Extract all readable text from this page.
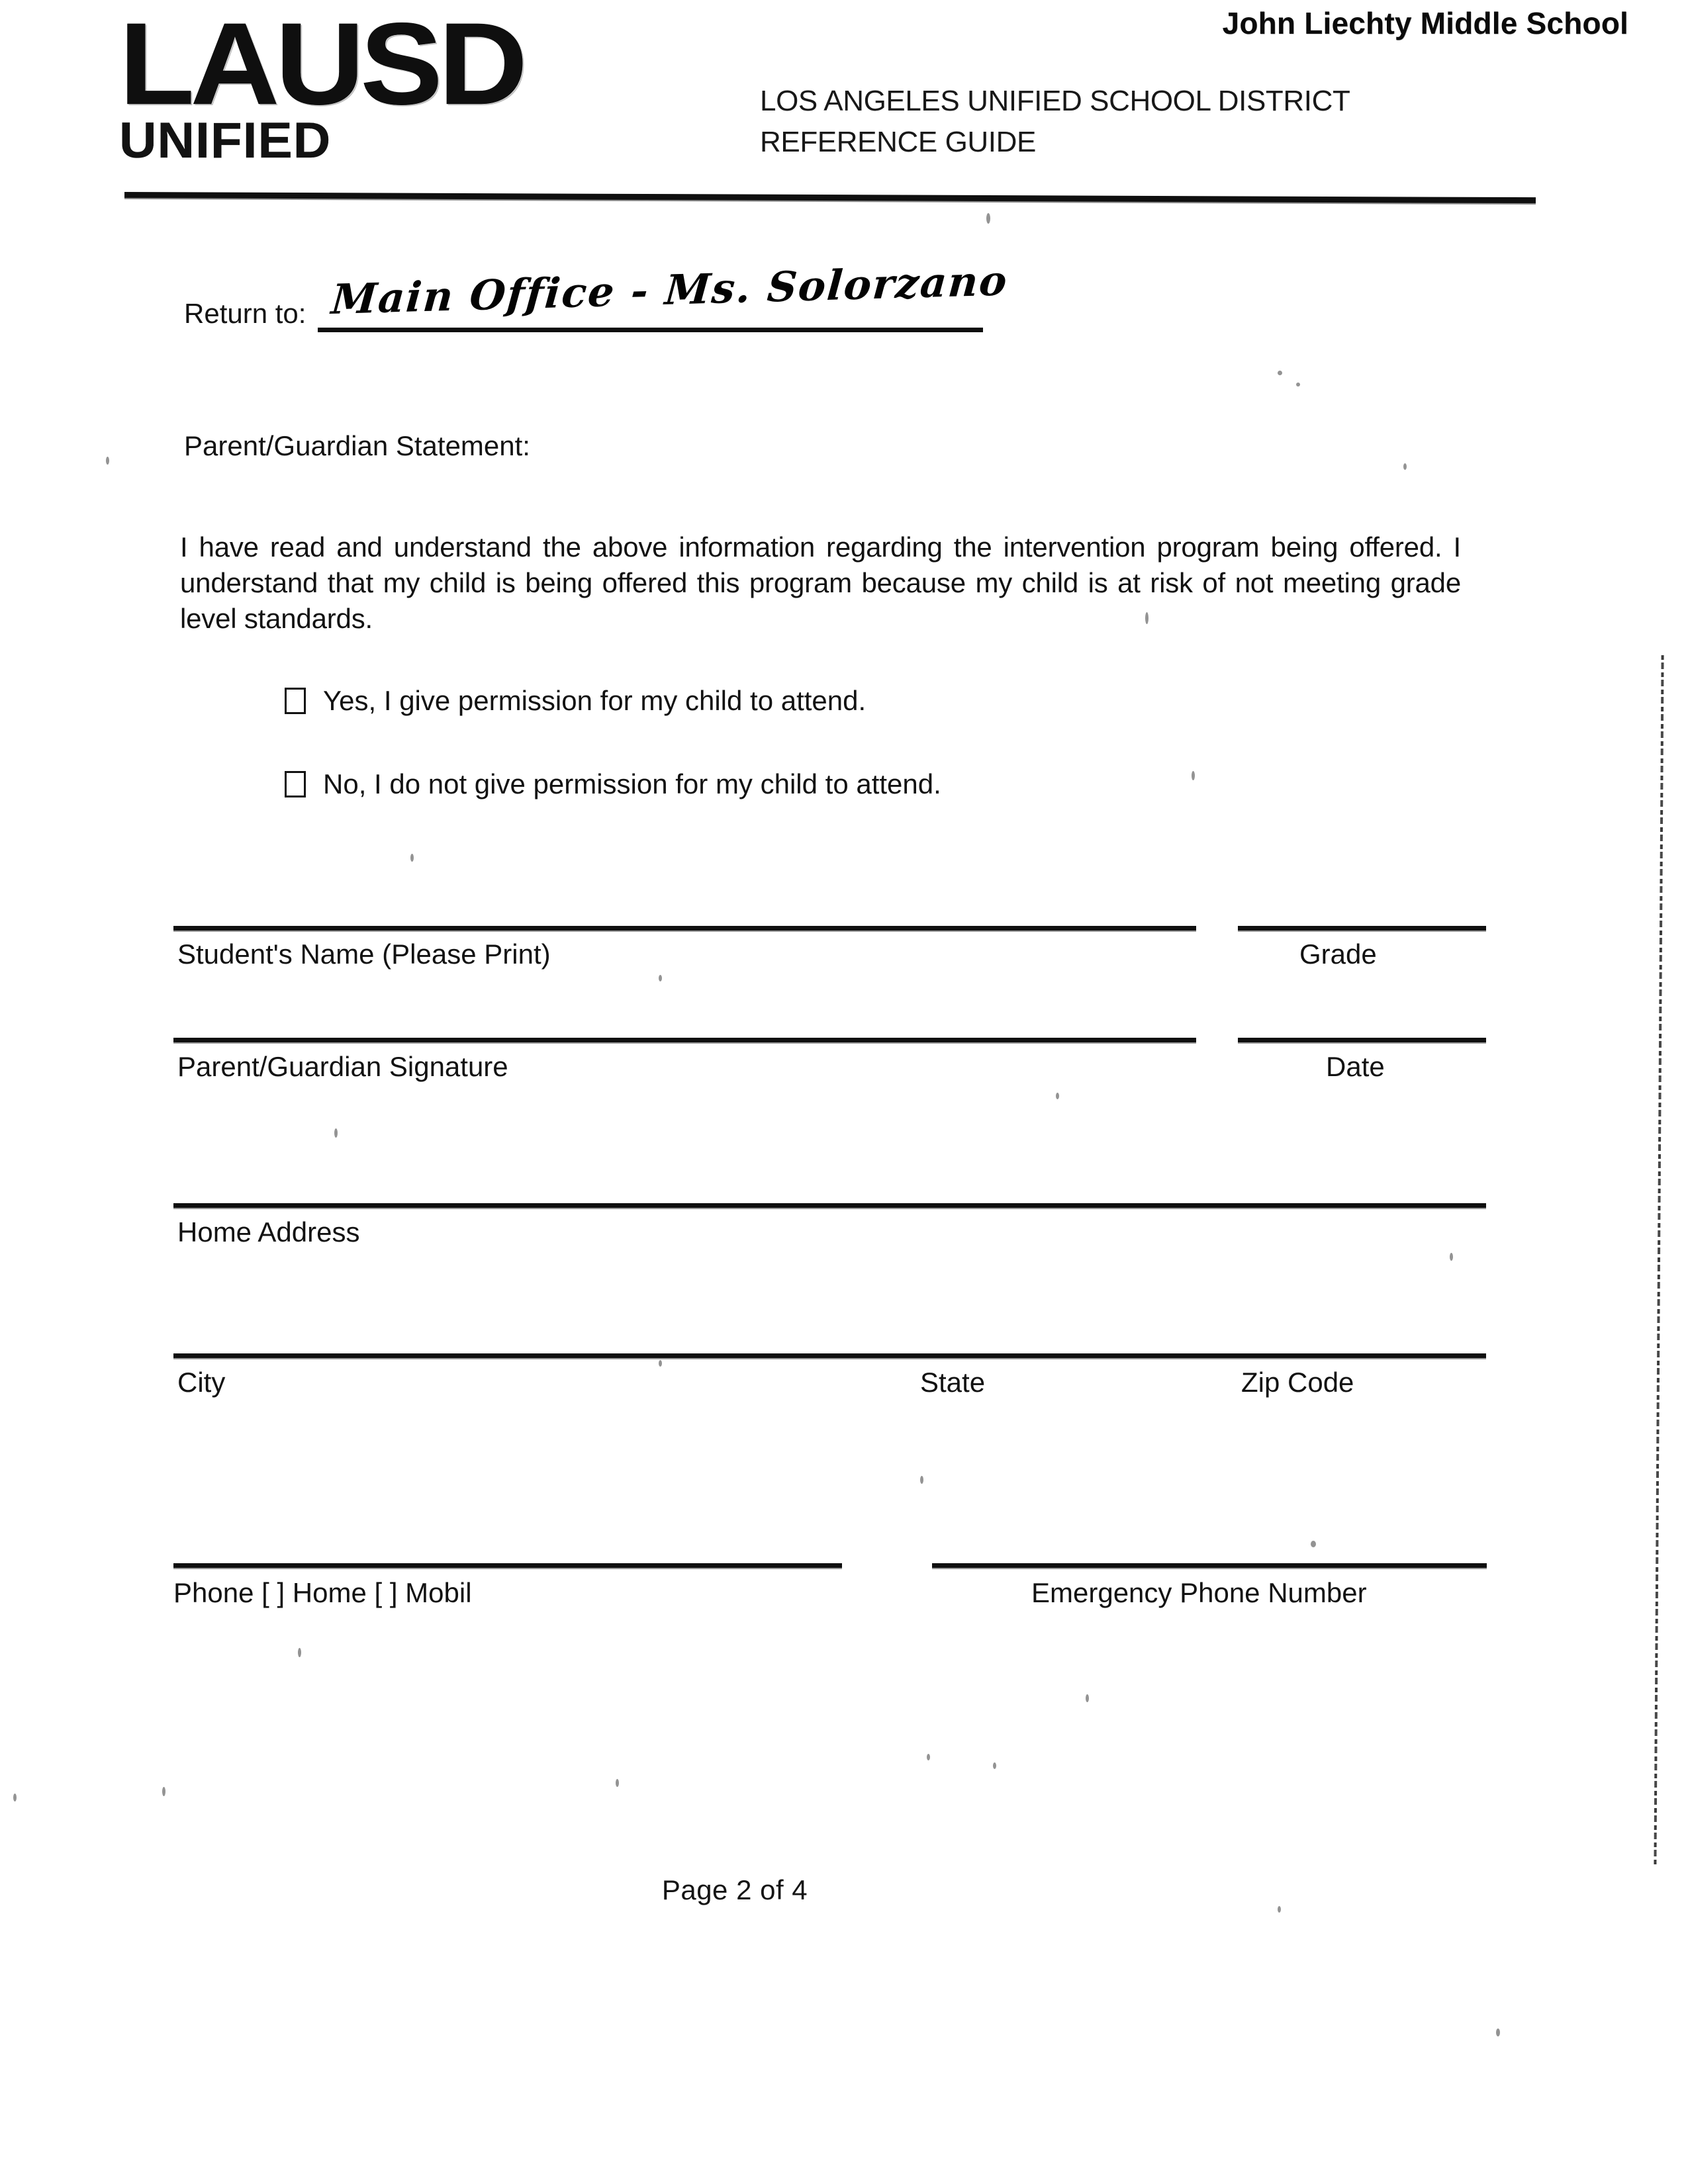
LAUSD
UNIFIED
John Liechty Middle School
LOS ANGELES UNIFIED SCHOOL DISTRICT
REFERENCE GUIDE
Return to: Main Office - Ms. Solorzano
Parent/Guardian Statement:
I have read and understand the above information regarding the intervention program being offered. I understand that my child is being offered this program because my child is at risk of not meeting grade level standards.
Yes, I give permission for my child to attend.
No, I do not give permission for my child to attend.
Student's Name (Please Print)	Grade
Parent/Guardian Signature	Date
Home Address
City	State	Zip Code
Phone [ ] Home [ ] Mobil	Emergency Phone Number
Page 2 of 4
